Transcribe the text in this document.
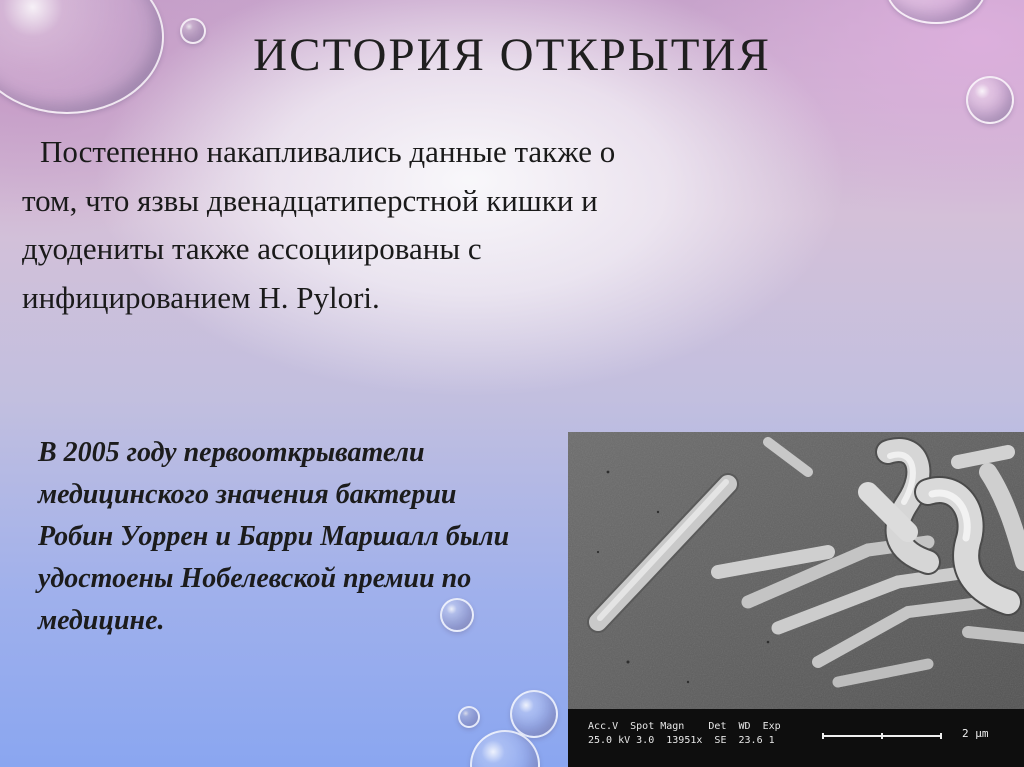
ИСТОРИЯ ОТКРЫТИЯ

Постепенно накапливались данные также о том, что язвы двенадцатиперстной кишки и дуодениты также ассоциированы с инфицированием H. Pylori.

В 2005 году первооткрыватели медицинского значения бактерии Робин Уоррен и Барри Маршалл были удостоены Нобелевской премии по медицине.

Acc.V  Spot Magn    Det  WD  Exp
25.0 kV 3.0  13951x  SE  23.6 1
2 µm
